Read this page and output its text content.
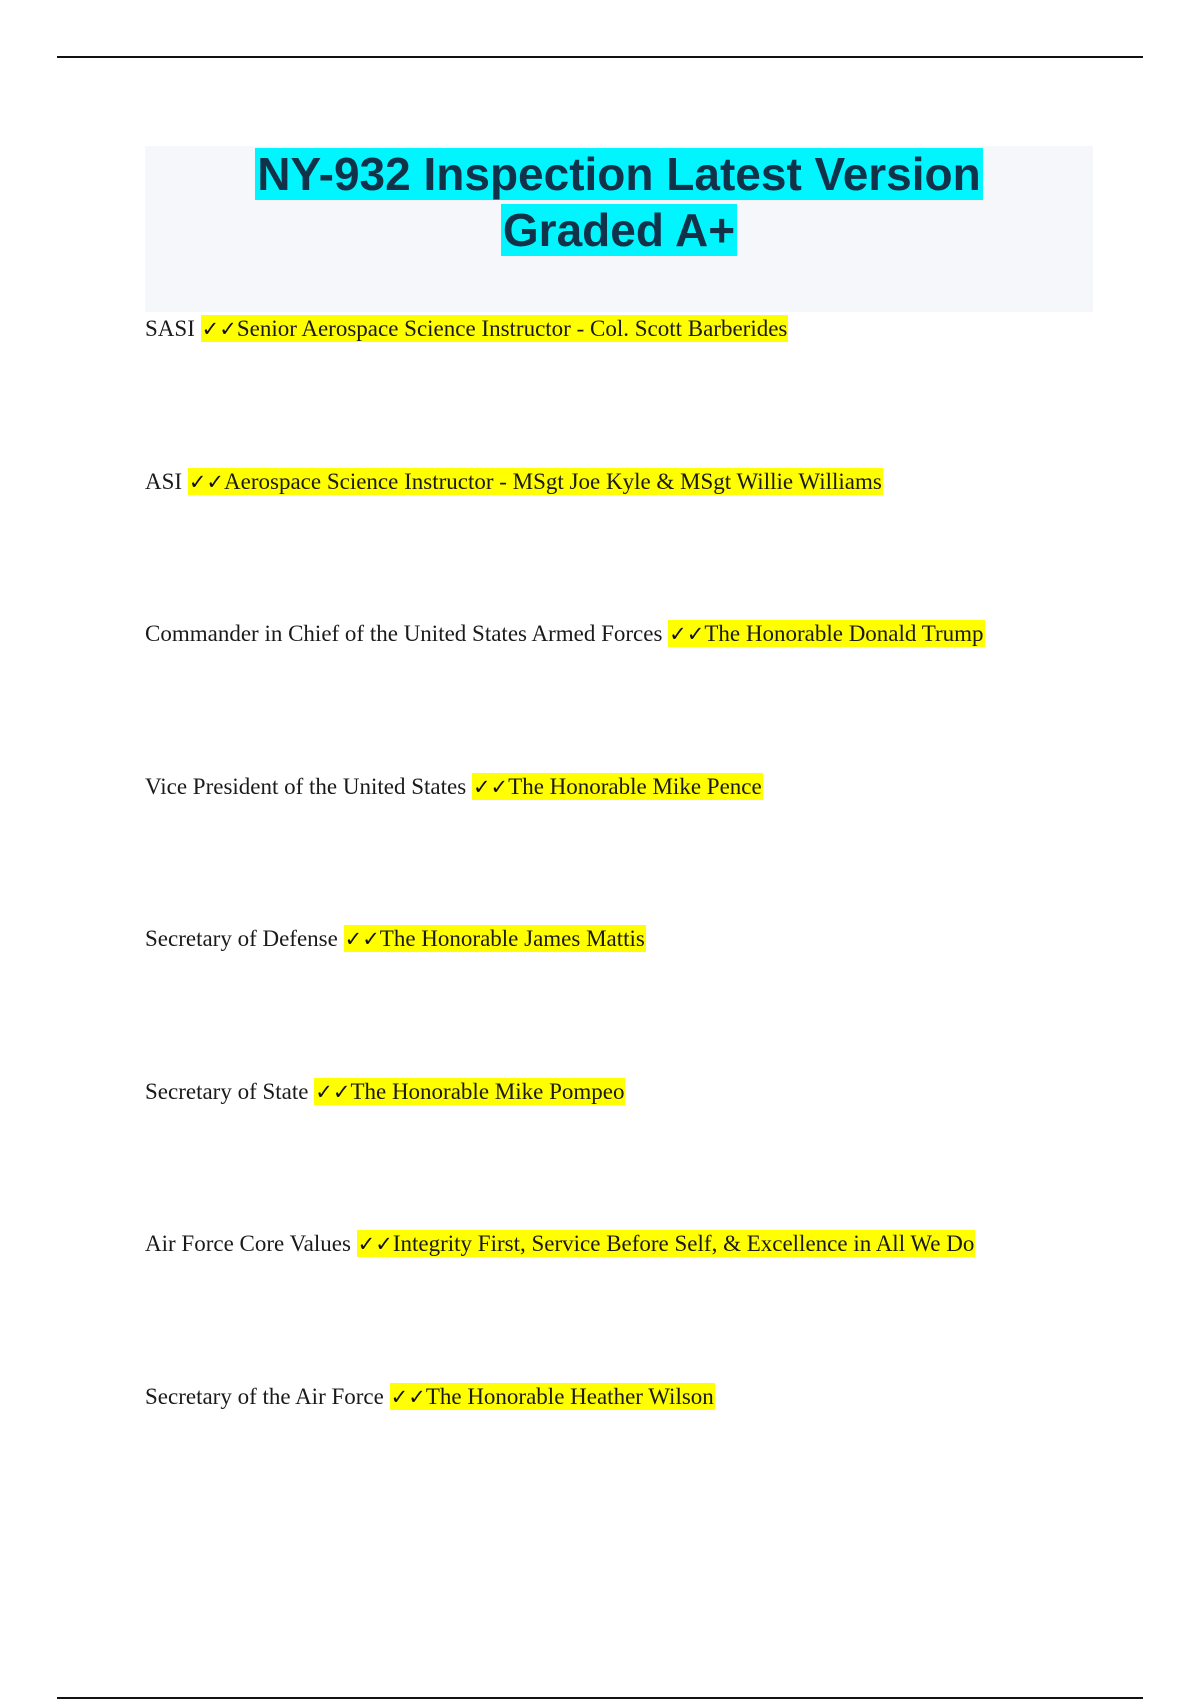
NY-932 Inspection Latest Version
Graded A+
SASI ✓✓Senior Aerospace Science Instructor - Col. Scott Barberides
ASI ✓✓Aerospace Science Instructor - MSgt Joe Kyle & MSgt Willie Williams
Commander in Chief of the United States Armed Forces ✓✓The Honorable Donald Trump
Vice President of the United States ✓✓The Honorable Mike Pence
Secretary of Defense ✓✓The Honorable James Mattis
Secretary of State ✓✓The Honorable Mike Pompeo
Air Force Core Values ✓✓Integrity First, Service Before Self, & Excellence in All We Do
Secretary of the Air Force ✓✓The Honorable Heather Wilson
